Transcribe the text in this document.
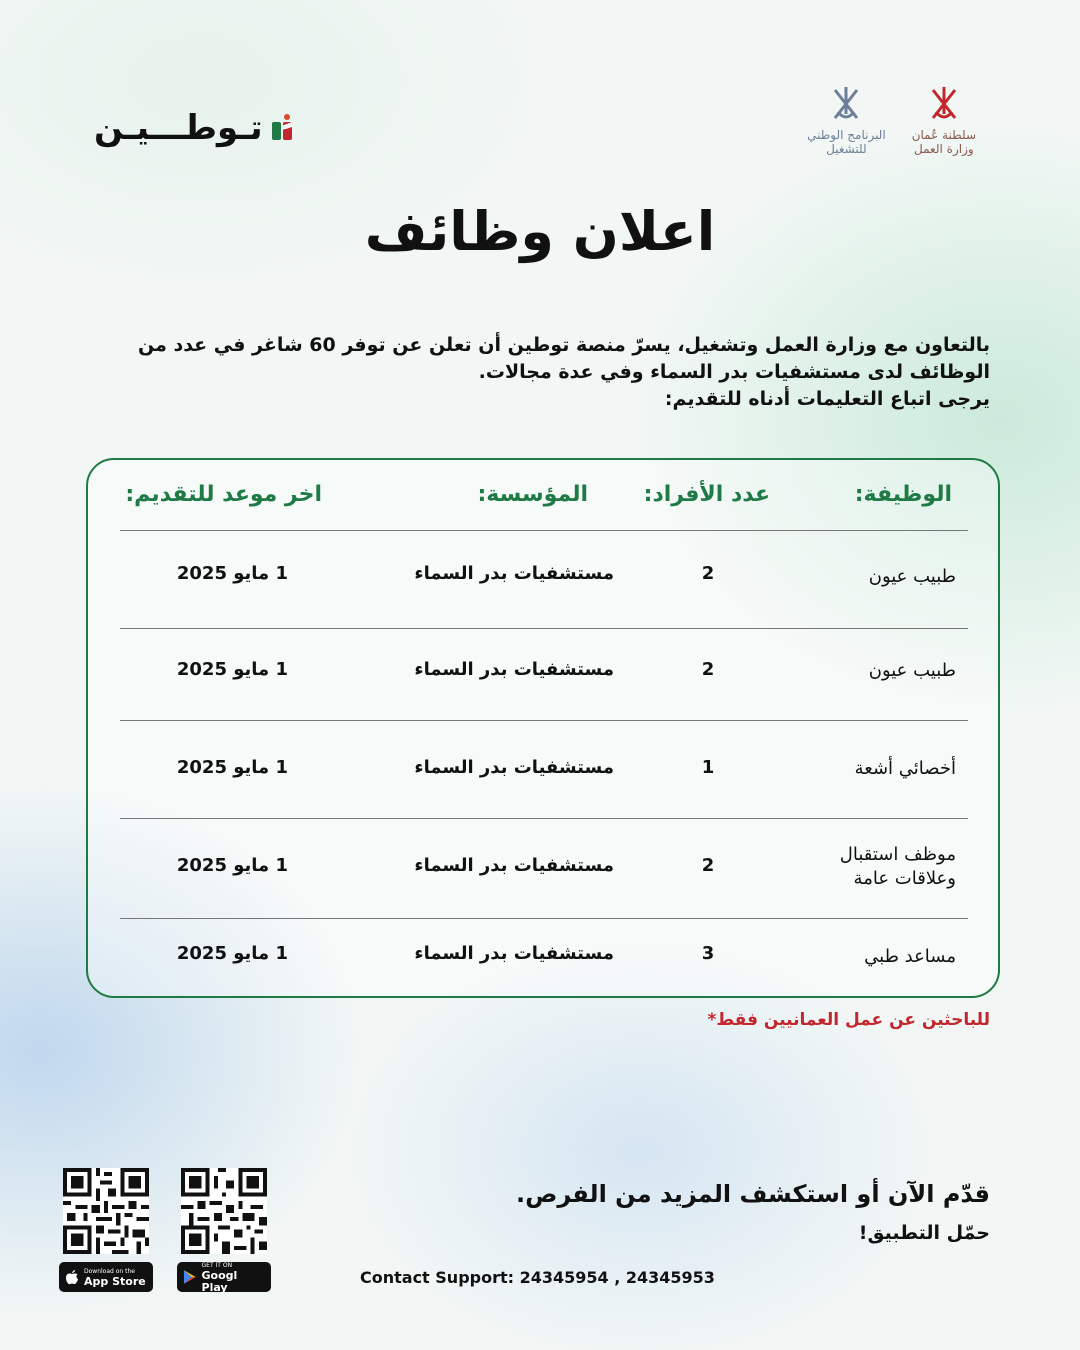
تـوطـــيـن	البرنامج الوطني
للتشغيل
سلطنة عُمان
وزارة العمل
اعلان وظائف
بالتعاون مع وزارة العمل وتشغيل، يسرّ منصة توطين أن تعلن عن توفر 60 شاغر في عدد من
الوظائف لدى مستشفيات بدر السماء وفي عدة مجالات.
يرجى اتباع التعليمات أدناه للتقديم:
الوظيفة:
عدد الأفراد:
المؤسسة:
اخر موعد للتقديم:
طبيب عيون
2
مستشفيات بدر السماء
1 مايو 2025
طبيب عيون
2
مستشفيات بدر السماء
1 مايو 2025
أخصائي أشعة
1
مستشفيات بدر السماء
1 مايو 2025
موظف استقبال وعلاقات عامة
2
مستشفيات بدر السماء
1 مايو 2025
مساعد طبي
3
مستشفيات بدر السماء
1 مايو 2025
للباحثين عن عمل العمانيين فقط*
قدّم الآن أو استكشف المزيد من الفرص.
حمّل التطبيق!
Contact Support: 24345954 , 24345953
Download on the
App Store
GET IT ON
Googl Play
